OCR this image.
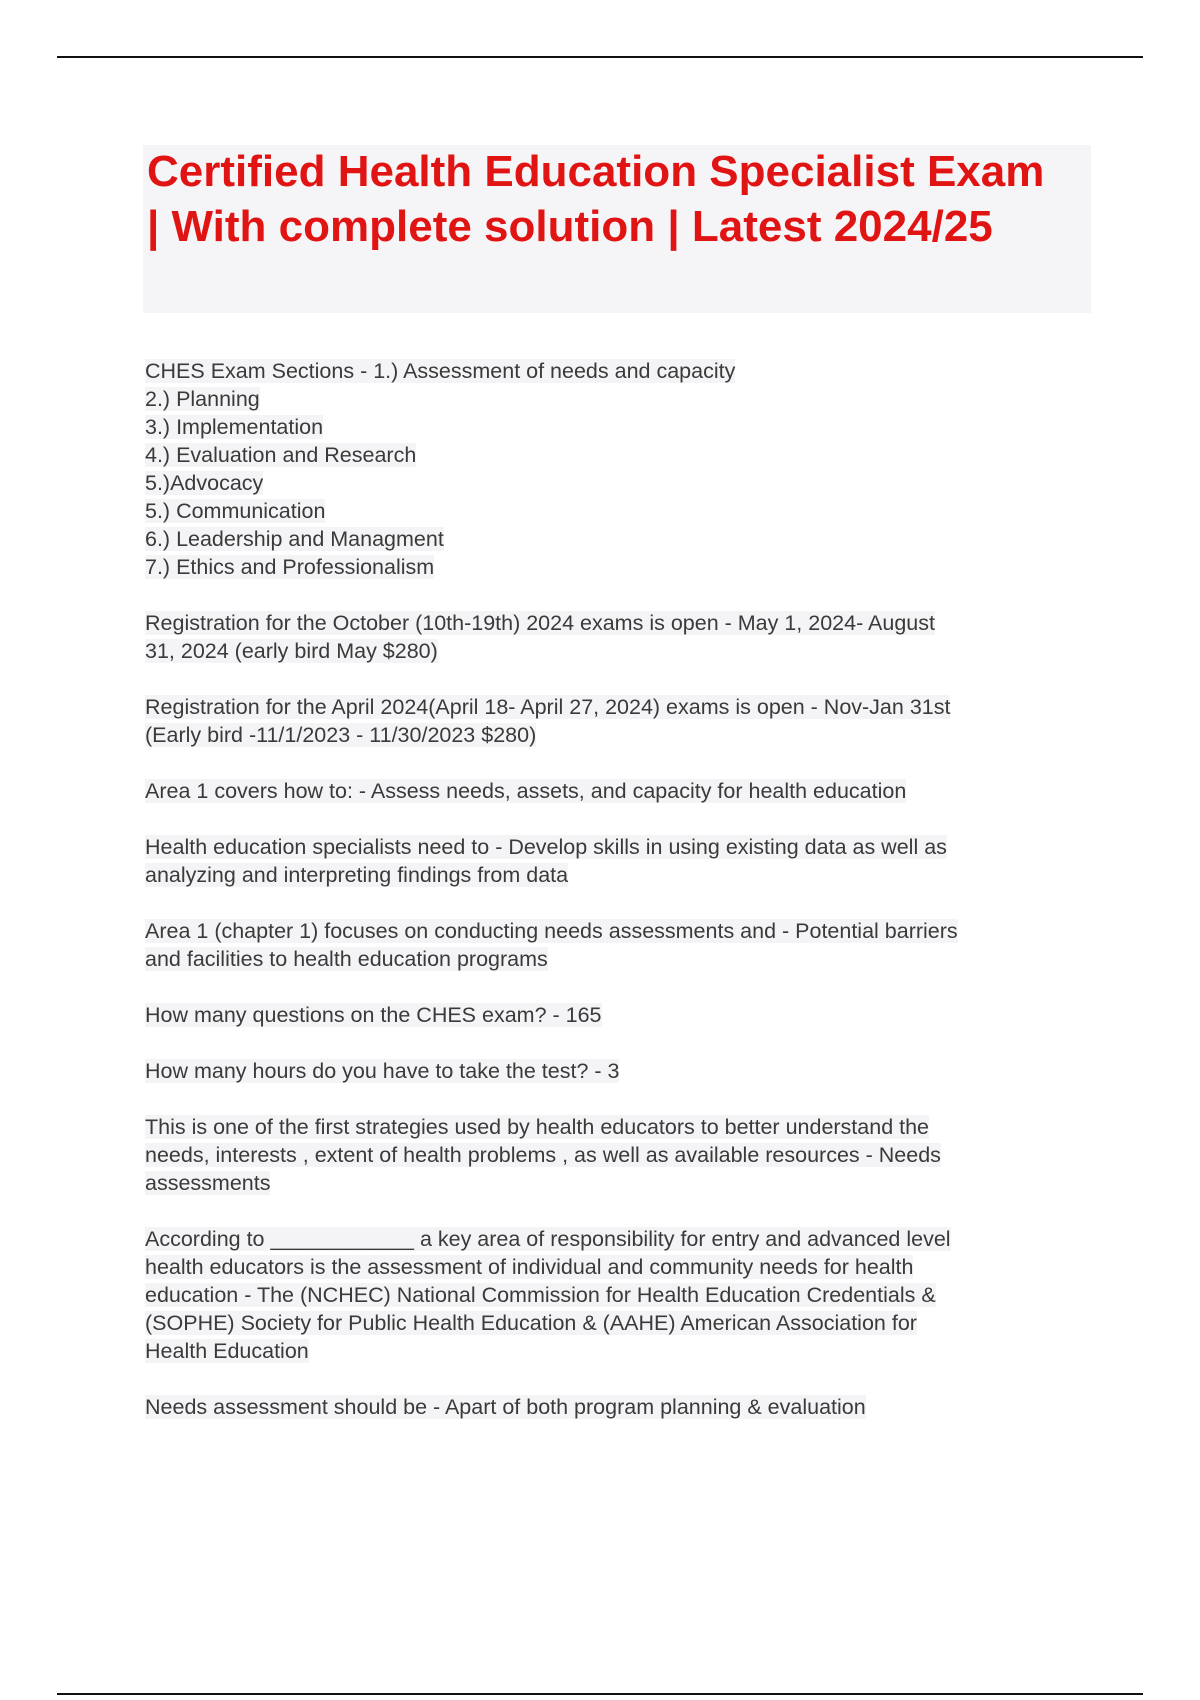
Certified Health Education Specialist Exam | With complete solution | Latest 2024/25
CHES Exam Sections - 1.) Assessment of needs and capacity
2.) Planning
3.) Implementation
4.) Evaluation and Research
5.)Advocacy
5.) Communication
6.) Leadership and Managment
7.) Ethics and Professionalism
Registration for the October (10th-19th) 2024 exams is open - May 1, 2024- August
31, 2024 (early bird May $280)
Registration for the April 2024(April 18- April 27, 2024) exams is open - Nov-Jan 31st
(Early bird -11/1/2023 - 11/30/2023 $280)
Area 1 covers how to: - Assess needs, assets, and capacity for health education
Health education specialists need to - Develop skills in using existing data as well as
analyzing and interpreting findings from data
Area 1 (chapter 1) focuses on conducting needs assessments and - Potential barriers
and facilities to health education programs
How many questions on the CHES exam? - 165
How many hours do you have to take the test? - 3
This is one of the first strategies used by health educators to better understand the
needs, interests , extent of health problems , as well as available resources - Needs
assessments
According to ____________ a key area of responsibility for entry and advanced level
health educators is the assessment of individual and community needs for health
education - The (NCHEC) National Commission for Health Education Credentials &
(SOPHE) Society for Public Health Education & (AAHE) American Association for
Health Education
Needs assessment should be - Apart of both program planning & evaluation
